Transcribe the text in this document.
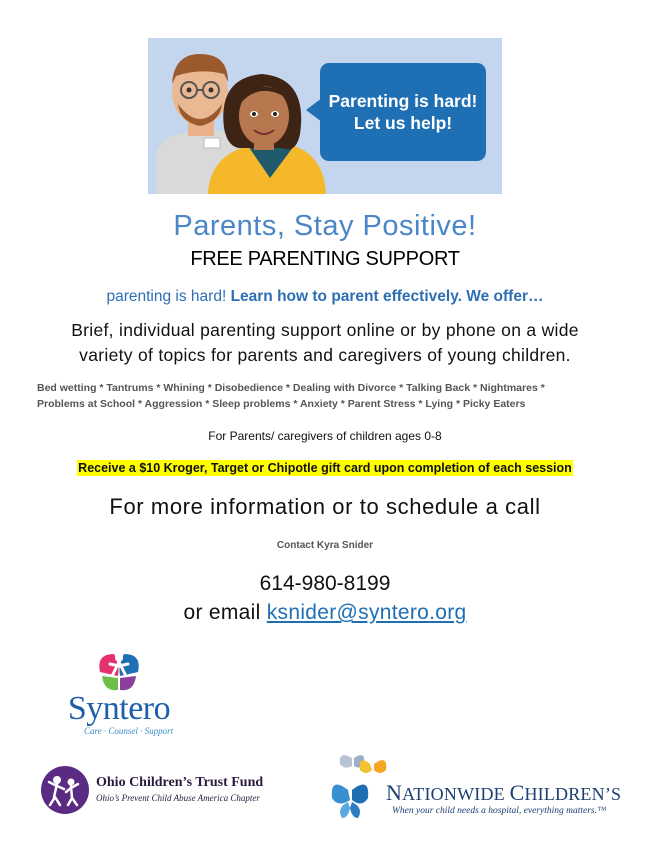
Parenting is hard!
Let us help!
Parents, Stay Positive!
FREE PARENTING SUPPORT
parenting is hard! Learn how to parent effectively. We offer…
Brief, individual parenting support online or by phone on a wide
variety of topics for parents and caregivers of young children.
Bed wetting * Tantrums * Whining * Disobedience * Dealing with Divorce * Talking Back * Nightmares *
Problems at School * Aggression * Sleep problems * Anxiety * Parent Stress * Lying * Picky Eaters
For Parents/ caregivers of children ages 0-8
Receive a $10 Kroger, Target or Chipotle gift card upon completion of each session
For more information or to schedule a call
Contact Kyra Snider
614-980-8199
or email ksnider@syntero.org
Syntero
Care · Counsel · Support
Ohio Children’s Trust Fund
Ohio’s Prevent Child Abuse America Chapter	NATIONWIDE CHILDREN’S
When your child needs a hospital, everything matters.™
